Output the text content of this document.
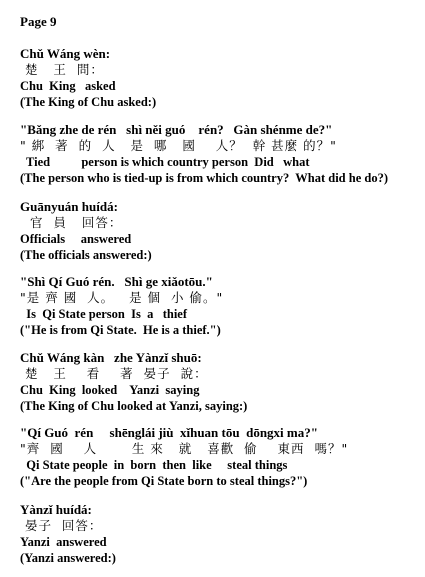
Page 9
Chǔ Wáng wèn:
楚   王  問：
Chu  King   asked
(The King of Chu asked:)
"Bǎng zhe de rén   shì něi guó    rén?   Gàn shénme de?"
" 綁  著  的  人   是  哪   國    人？  幹 甚麼 的？"
Tied          person is which country person  Did   what
(The person who is tied-up is from which country?  What did he do?)
Guānyuán huídá:
官  員   回答：
Officials     answered
(The officials answered:)
"Shì Qí Guó rén.   Shì ge xiǎotōu."
"是 齊 國  人。   是 個  小 偷。"
Is  Qi State person  Is  a   thief
("He is from Qi State.  He is a thief.")
Chǔ Wáng kàn   zhe Yànzǐ shuō:
楚   王    看    著  晏子  說：
Chu  King  looked    Yanzi  saying
(The King of Chu looked at Yanzi, saying:)
"Qí Guó  rén     shēnglái jiù  xǐhuan tōu  dōngxi ma?"
"齊  國    人       生 來   就   喜歡  偷    東西  嗎？"
Qi State people  in  born  then  like     steal things
("Are the people from Qi State born to steal things?")
Yànzǐ huídá:
晏子  回答：
Yanzi  answered
(Yanzi answered:)
